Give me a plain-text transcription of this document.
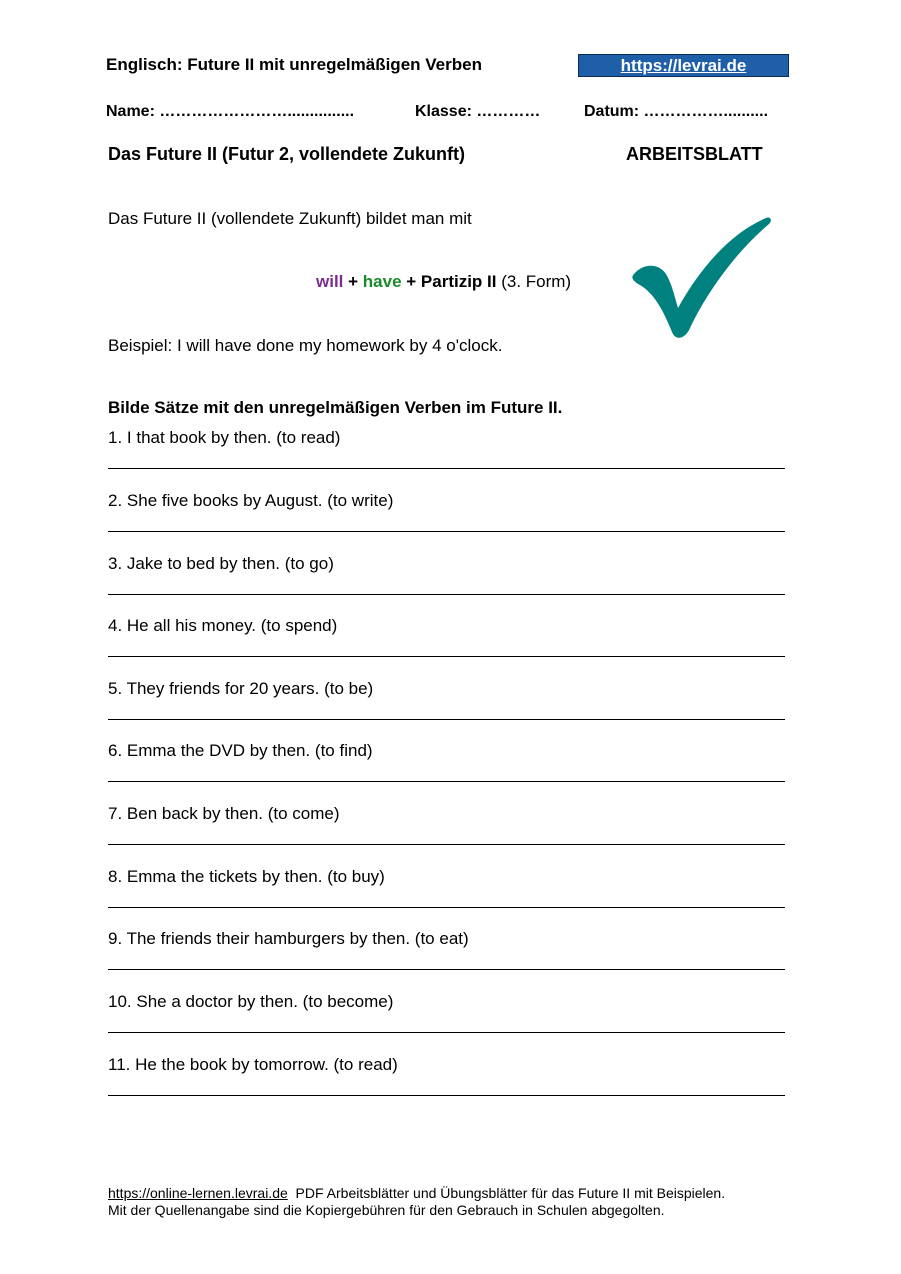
Englisch: Future II mit unregelmäßigen Verben	https://levrai.de
Name: ……………………...............	Klasse: …………	Datum: ……………..........
Das Future II (Futur 2, vollendete Zukunft)	ARBEITSBLATT
Das Future II (vollendete Zukunft) bildet man mit
will + have + Partizip II (3. Form)
Beispiel: I will have done my homework by 4 o'clock.
Bilde Sätze mit den unregelmäßigen Verben im Future II.
1. I that book by then. (to read)
2. She five books by August. (to write)
3. Jake to bed by then. (to go)
4. He all his money. (to spend)
5. They friends for 20 years. (to be)
6. Emma the DVD by then. (to find)
7. Ben back by then. (to come)
8. Emma the tickets by then. (to buy)
9. The friends their hamburgers by then. (to eat)
10. She a doctor by then. (to become)
11. He the book by tomorrow. (to read)
https://online-lernen.levrai.de  PDF Arbeitsblätter und Übungsblätter für das Future II mit Beispielen.
Mit der Quellenangabe sind die Kopiergebühren für den Gebrauch in Schulen abgegolten.
